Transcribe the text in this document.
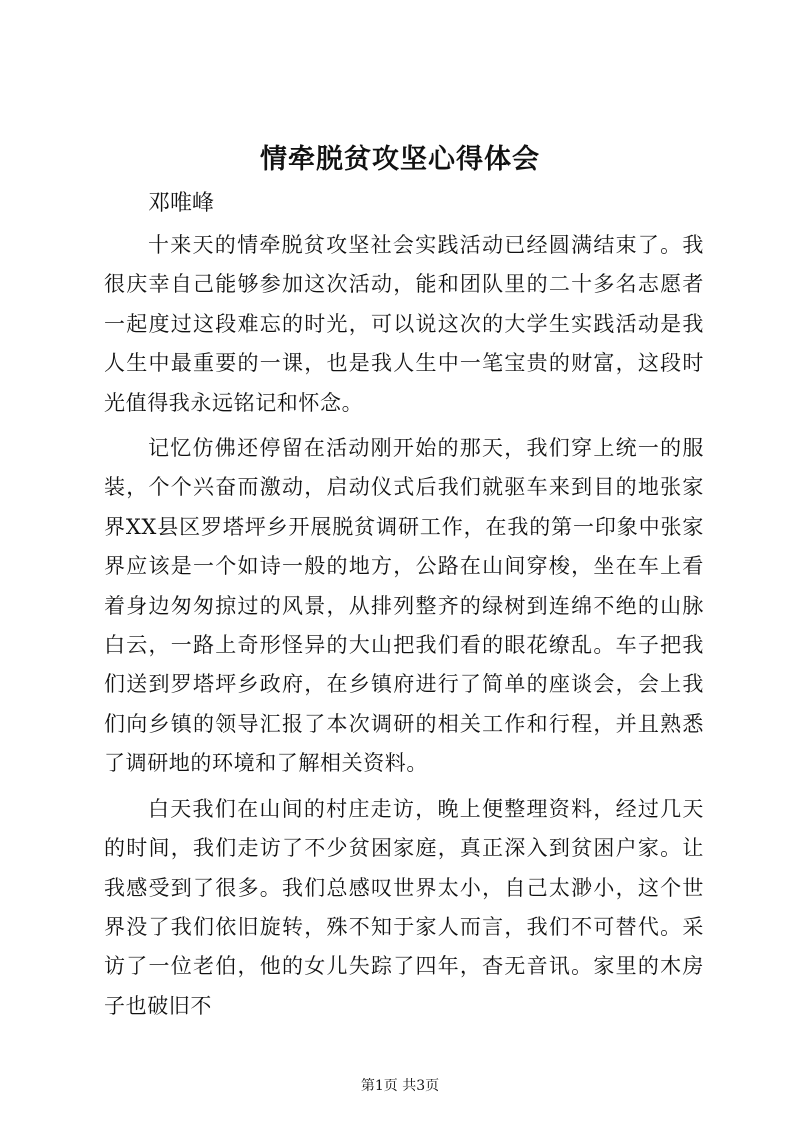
情牵脱贫攻坚心得体会

邓唯峰

十来天的情牵脱贫攻坚社会实践活动已经圆满结束了。我很庆幸自己能够参加这次活动，能和团队里的二十多名志愿者一起度过这段难忘的时光，可以说这次的大学生实践活动是我人生中最重要的一课，也是我人生中一笔宝贵的财富，这段时光值得我永远铭记和怀念。

记忆仿佛还停留在活动刚开始的那天，我们穿上统一的服装，个个兴奋而激动，启动仪式后我们就驱车来到目的地张家界XX县区罗塔坪乡开展脱贫调研工作，在我的第一印象中张家界应该是一个如诗一般的地方，公路在山间穿梭，坐在车上看着身边匆匆掠过的风景，从排列整齐的绿树到连绵不绝的山脉白云，一路上奇形怪异的大山把我们看的眼花缭乱。车子把我们送到罗塔坪乡政府，在乡镇府进行了简单的座谈会，会上我们向乡镇的领导汇报了本次调研的相关工作和行程，并且熟悉了调研地的环境和了解相关资料。

白天我们在山间的村庄走访，晚上便整理资料，经过几天的时间，我们走访了不少贫困家庭，真正深入到贫困户家。让我感受到了很多。我们总感叹世界太小，自己太渺小，这个世界没了我们依旧旋转，殊不知于家人而言，我们不可替代。采访了一位老伯，他的女儿失踪了四年，杳无音讯。家里的木房子也破旧不

第1页 共3页
